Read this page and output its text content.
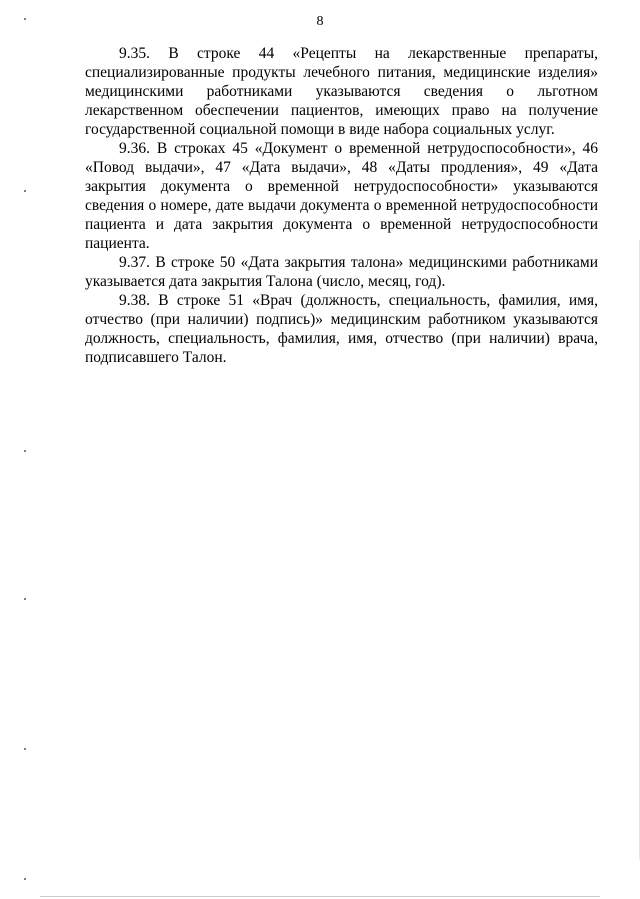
8

9.35. В строке 44 «Рецепты на лекарственные препараты, специализированные продукты лечебного питания, медицинские изделия» медицинскими работниками указываются сведения о льготном лекарственном обеспечении пациентов, имеющих право на получение государственной социальной помощи в виде набора социальных услуг.

9.36. В строках 45 «Документ о временной нетрудоспособности», 46 «Повод выдачи», 47 «Дата выдачи», 48 «Даты продления», 49 «Дата закрытия документа о временной нетрудоспособности» указываются сведения о номере, дате выдачи документа о временной нетрудоспособности пациента и дата закрытия документа о временной нетрудоспособности пациента.

9.37. В строке 50 «Дата закрытия талона» медицинскими работниками указывается дата закрытия Талона (число, месяц, год).

9.38. В строке 51 «Врач (должность, специальность, фамилия, имя, отчество (при наличии) подпись)» медицинским работником указываются должность, специальность, фамилия, имя, отчество (при наличии) врача, подписавшего Талон.
